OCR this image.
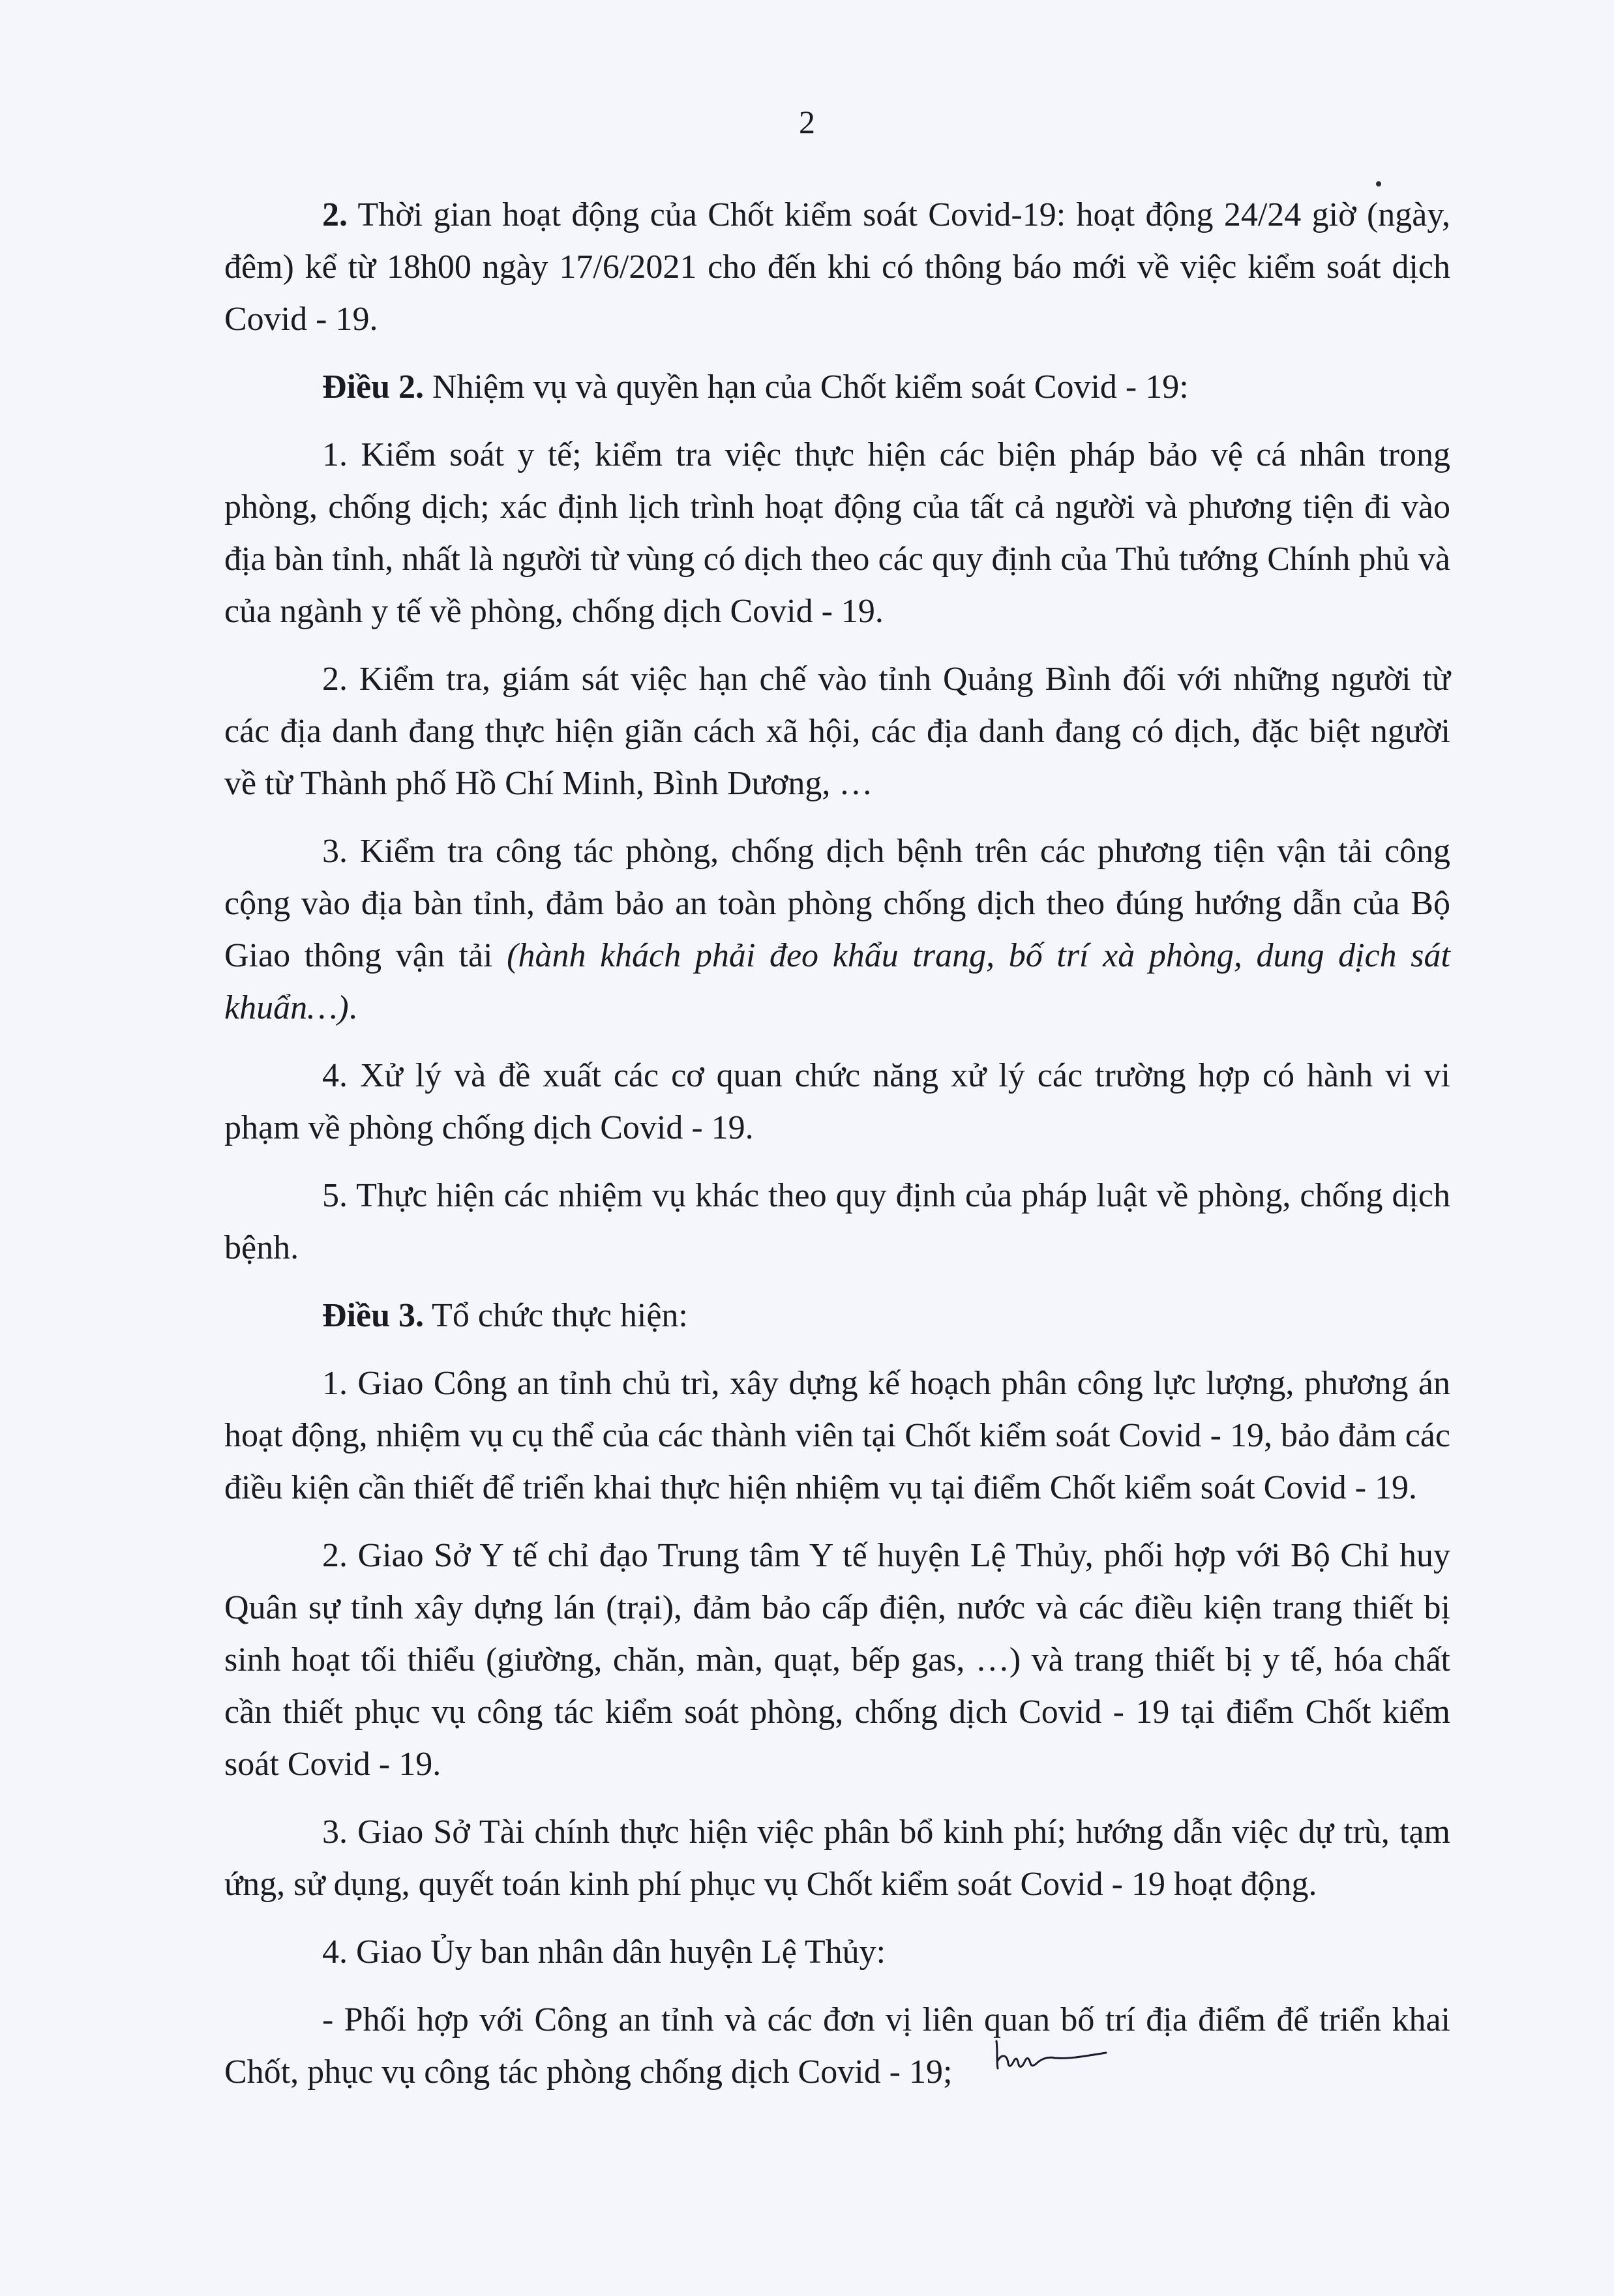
2

2. Thời gian hoạt động của Chốt kiểm soát Covid-19: hoạt động 24/24 giờ (ngày, đêm) kể từ 18h00 ngày 17/6/2021 cho đến khi có thông báo mới về việc kiểm soát dịch Covid - 19.

Điều 2. Nhiệm vụ và quyền hạn của Chốt kiểm soát Covid - 19:

1. Kiểm soát y tế; kiểm tra việc thực hiện các biện pháp bảo vệ cá nhân trong phòng, chống dịch; xác định lịch trình hoạt động của tất cả người và phương tiện đi vào địa bàn tỉnh, nhất là người từ vùng có dịch theo các quy định của Thủ tướng Chính phủ và của ngành y tế về phòng, chống dịch Covid - 19.

2. Kiểm tra, giám sát việc hạn chế vào tỉnh Quảng Bình đối với những người từ các địa danh đang thực hiện giãn cách xã hội, các địa danh đang có dịch, đặc biệt người về từ Thành phố Hồ Chí Minh, Bình Dương, …

3. Kiểm tra công tác phòng, chống dịch bệnh trên các phương tiện vận tải công cộng vào địa bàn tỉnh, đảm bảo an toàn phòng chống dịch theo đúng hướng dẫn của Bộ Giao thông vận tải (hành khách phải đeo khẩu trang, bố trí xà phòng, dung dịch sát khuẩn…).

4. Xử lý và đề xuất các cơ quan chức năng xử lý các trường hợp có hành vi vi phạm về phòng chống dịch Covid - 19.

5. Thực hiện các nhiệm vụ khác theo quy định của pháp luật về phòng, chống dịch bệnh.

Điều 3. Tổ chức thực hiện:

1. Giao Công an tỉnh chủ trì, xây dựng kế hoạch phân công lực lượng, phương án hoạt động, nhiệm vụ cụ thể của các thành viên tại Chốt kiểm soát Covid - 19, bảo đảm các điều kiện cần thiết để triển khai thực hiện nhiệm vụ tại điểm Chốt kiểm soát Covid - 19.

2. Giao Sở Y tế chỉ đạo Trung tâm Y tế huyện Lệ Thủy, phối hợp với Bộ Chỉ huy Quân sự tỉnh xây dựng lán (trại), đảm bảo cấp điện, nước và các điều kiện trang thiết bị sinh hoạt tối thiểu (giường, chăn, màn, quạt, bếp gas, …) và trang thiết bị y tế, hóa chất cần thiết phục vụ công tác kiểm soát phòng, chống dịch Covid - 19 tại điểm Chốt kiểm soát Covid - 19.

3. Giao Sở Tài chính thực hiện việc phân bổ kinh phí; hướng dẫn việc dự trù, tạm ứng, sử dụng, quyết toán kinh phí phục vụ Chốt kiểm soát Covid - 19 hoạt động.

4. Giao Ủy ban nhân dân huyện Lệ Thủy:

- Phối hợp với Công an tỉnh và các đơn vị liên quan bố trí địa điểm để triển khai Chốt, phục vụ công tác phòng chống dịch Covid - 19;
